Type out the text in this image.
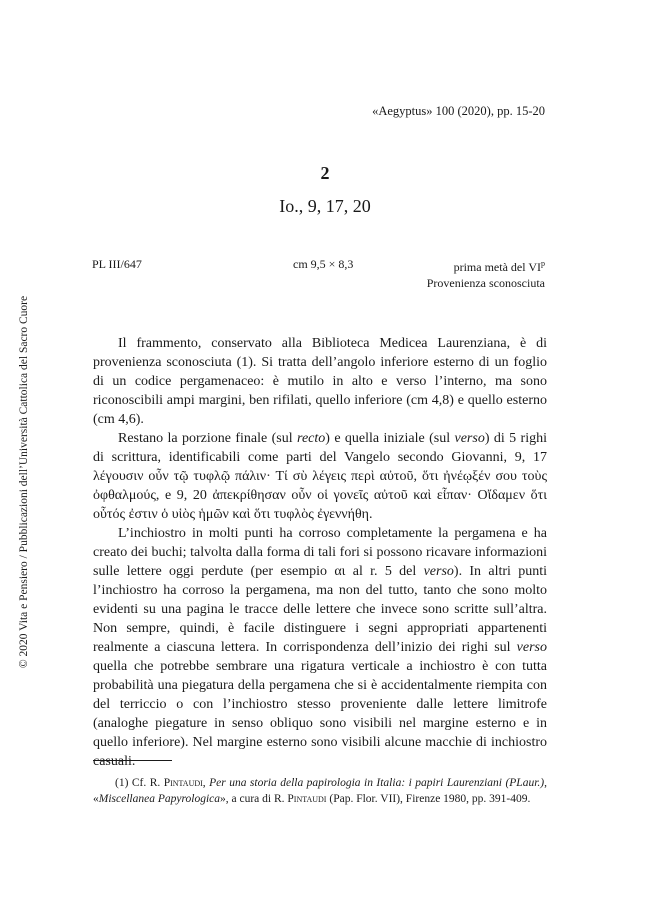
«Aegyptus» 100 (2020), pp. 15-20
2
Io., 9, 17, 20
PL III/647	cm 9,5 × 8,3	prima metà del $VI^p$
Provenienza sconosciuta
© 2020 Vita e Pensiero / Pubblicazioni dell’Università Cattolica del Sacro Cuore	Il frammento, conservato alla Biblioteca Medicea Laurenziana, è di provenienza sconosciuta (1). Si tratta dell’angolo inferiore esterno di un foglio di un codice pergamenaceo: è mutilo in alto e verso l’interno, ma sono riconoscibili ampi margini, ben rifilati, quello inferiore (cm 4,8) e quello esterno (cm 4,6).

Restano la porzione finale (sul recto) e quella iniziale (sul verso) di 5 righi di scrittura, identificabili come parti del Vangelo secondo Giovanni, 9, 17 λέγουσιν οὖν τῷ τυφλῷ πάλιν· Τί σὺ λέγεις περὶ αὐτοῦ, ὅτι ἠνέῳξέν σου τοὺς ὀφθαλμούς, e 9, 20 ἀπεκρίθησαν οὖν οἱ γονεῖς αὐτοῦ καὶ εἶπαν· Οἴδαμεν ὅτι οὗτός ἐστιν ὁ υἱὸς ἡμῶν καὶ ὅτι τυφλὸς ἐγεννήθη.

L’inchiostro in molti punti ha corroso completamente la pergamena e ha creato dei buchi; talvolta dalla forma di tali fori si possono ricavare informazioni sulle lettere oggi perdute (per esempio αι al r. 5 del verso). In altri punti l’inchiostro ha corroso la pergamena, ma non del tutto, tanto che sono molto evidenti su una pagina le tracce delle lettere che invece sono scritte sull’altra. Non sempre, quindi, è facile distinguere i segni appropriati appartenenti realmente a ciascuna lettera. In corrispondenza dell’inizio dei righi sul verso quella che potrebbe sembrare una rigatura verticale a inchiostro è con tutta probabilità una piegatura della pergamena che si è accidentalmente riempita con del terriccio o con l’inchiostro stesso proveniente dalle lettere limitrofe (analoghe piegature in senso obliquo sono visibili nel margine esterno e in quello inferiore). Nel margine esterno sono visibili alcune macchie di inchiostro casuali.

(1) Cf. R. Pintaudi, Per una storia della papirologia in Italia: i papiri Laurenziani (PLaur.), «Miscellanea Papyrologica», a cura di R. Pintaudi (Pap. Flor. VII), Firenze 1980, pp. 391-409.
